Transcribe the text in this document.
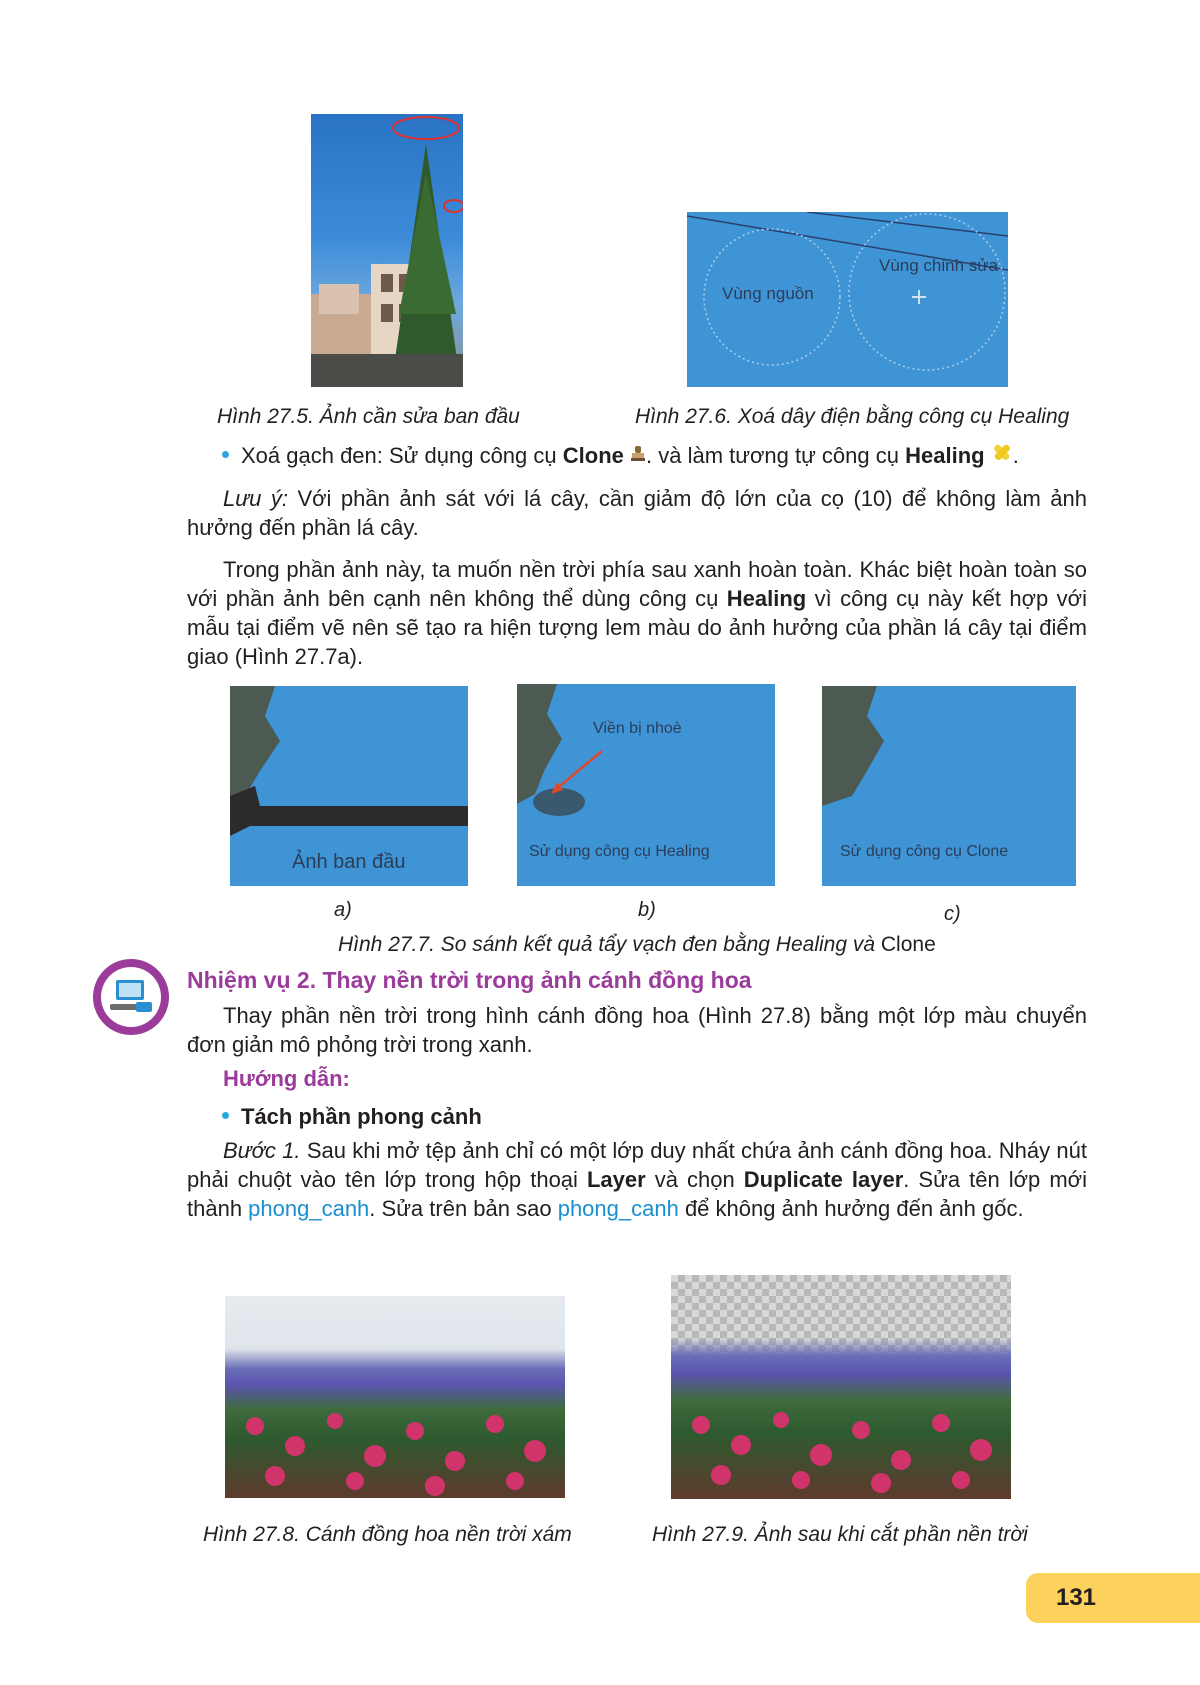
Hình 27.5. Ảnh cần sửa ban đầu
Vùng nguồn
Vùng chỉnh sửa
Hình 27.6. Xoá dây điện bằng công cụ Healing
Xoá gạch đen: Sử dụng công cụ Clone . và làm tương tự công cụ Healing .
Lưu ý: Với phần ảnh sát với lá cây, cần giảm độ lớn của cọ (10) để không làm ảnh hưởng đến phần lá cây.
Trong phần ảnh này, ta muốn nền trời phía sau xanh hoàn toàn. Khác biệt hoàn toàn so với phần ảnh bên cạnh nên không thể dùng công cụ Healing vì công cụ này kết hợp với mẫu tại điểm vẽ nên sẽ tạo ra hiện tượng lem màu do ảnh hưởng của phần lá cây tại điểm giao (Hình 27.7a).
Ảnh ban đầu
a)
Viền bị nhoè
Sử dụng công cụ Healing
b)
Sử dụng công cụ Clone
c)
Hình 27.7. So sánh kết quả tẩy vạch đen bằng Healing và Clone
Nhiệm vụ 2. Thay nền trời trong ảnh cánh đồng hoa
Thay phần nền trời trong hình cánh đồng hoa (Hình 27.8) bằng một lớp màu chuyển đơn giản mô phỏng trời trong xanh.
Hướng dẫn:
Tách phần phong cảnh
Bước 1. Sau khi mở tệp ảnh chỉ có một lớp duy nhất chứa ảnh cánh đồng hoa. Nháy nút phải chuột vào tên lớp trong hộp thoại Layer và chọn Duplicate layer. Sửa tên lớp mới thành phong_canh. Sửa trên bản sao phong_canh để không ảnh hưởng đến ảnh gốc.
Hình 27.8. Cánh đồng hoa nền trời xám	Hình 27.9. Ảnh sau khi cắt phần nền trời
131
